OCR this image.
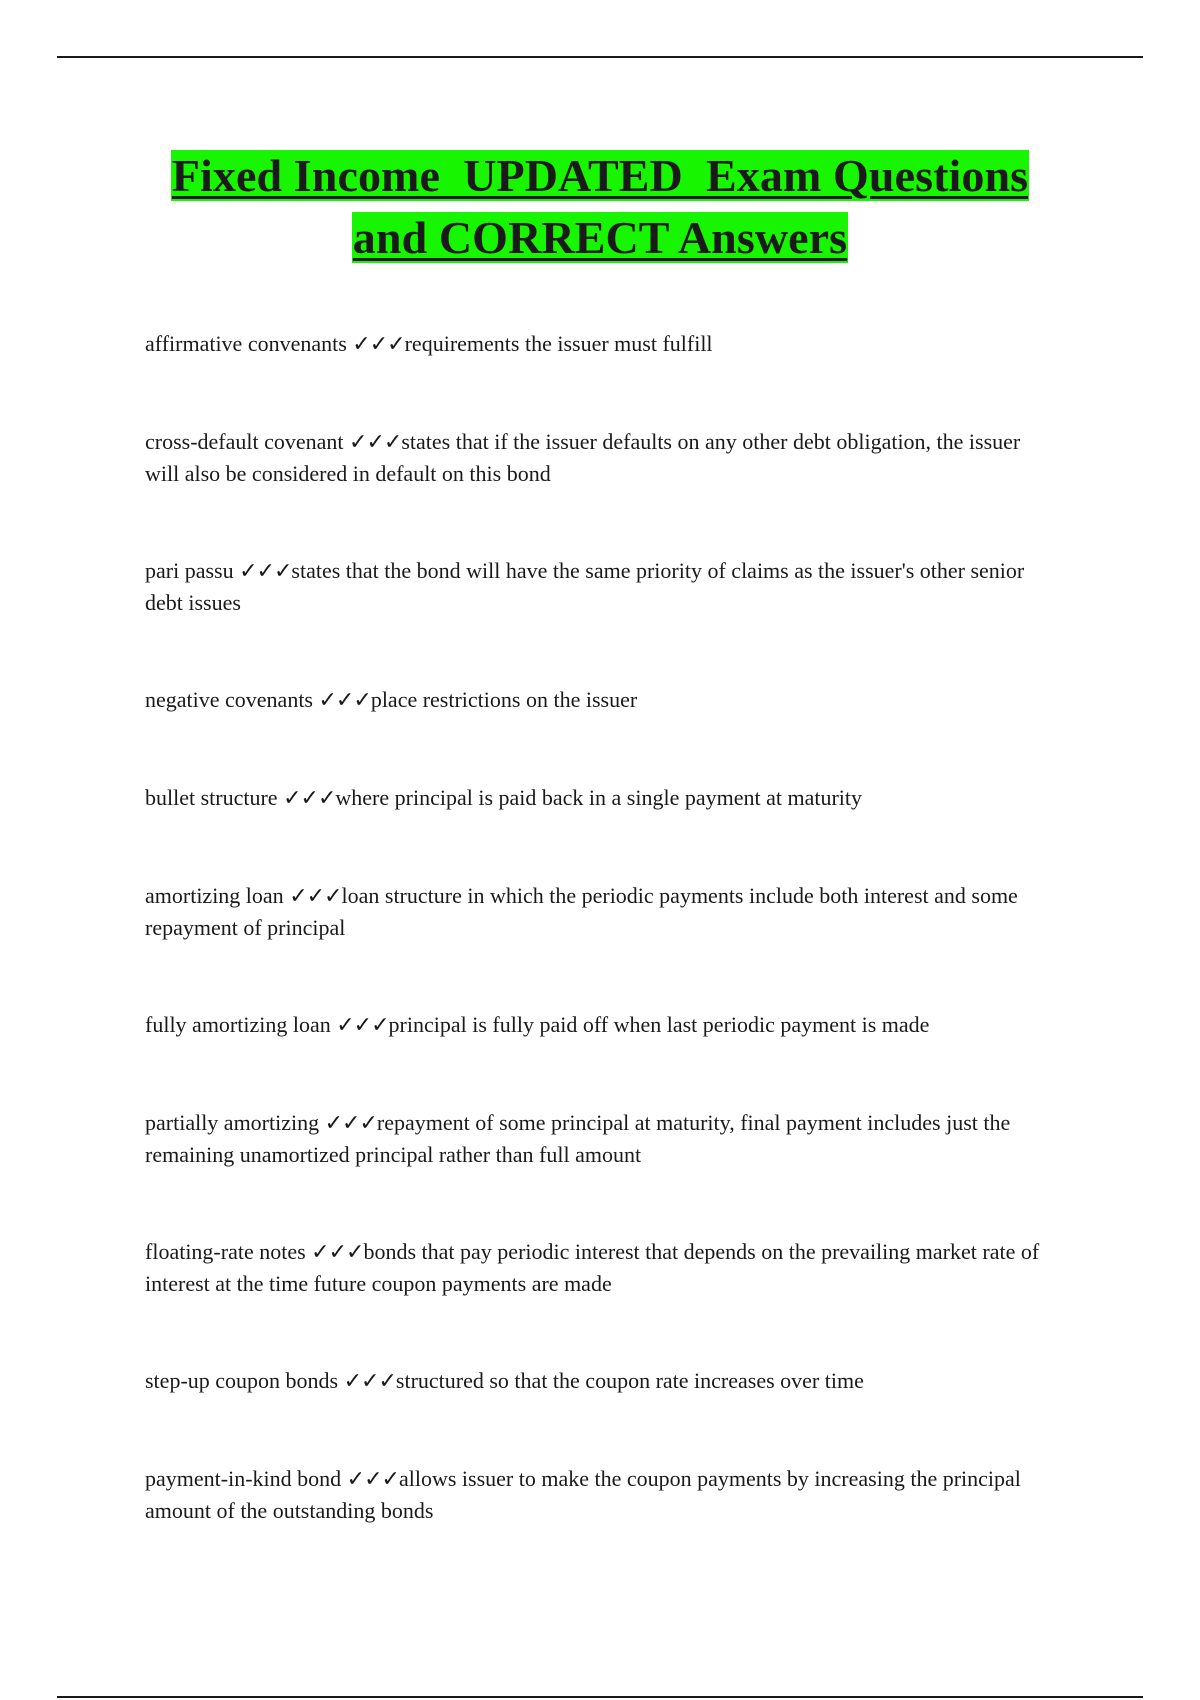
Fixed Income  UPDATED  Exam Questions
and CORRECT Answers
affirmative convenants ✓✓✓requirements the issuer must fulfill
cross-default covenant ✓✓✓states that if the issuer defaults on any other debt obligation, the issuer will also be considered in default on this bond
pari passu ✓✓✓states that the bond will have the same priority of claims as the issuer's other senior debt issues
negative covenants ✓✓✓place restrictions on the issuer
bullet structure ✓✓✓where principal is paid back in a single payment at maturity
amortizing loan ✓✓✓loan structure in which the periodic payments include both interest and some repayment of principal
fully amortizing loan ✓✓✓principal is fully paid off when last periodic payment is made
partially amortizing ✓✓✓repayment of some principal at maturity, final payment includes just the remaining unamortized principal rather than full amount
floating-rate notes ✓✓✓bonds that pay periodic interest that depends on the prevailing market rate of interest at the time future coupon payments are made
step-up coupon bonds ✓✓✓structured so that the coupon rate increases over time
payment-in-kind bond ✓✓✓allows issuer to make the coupon payments by increasing the principal amount of the outstanding bonds
